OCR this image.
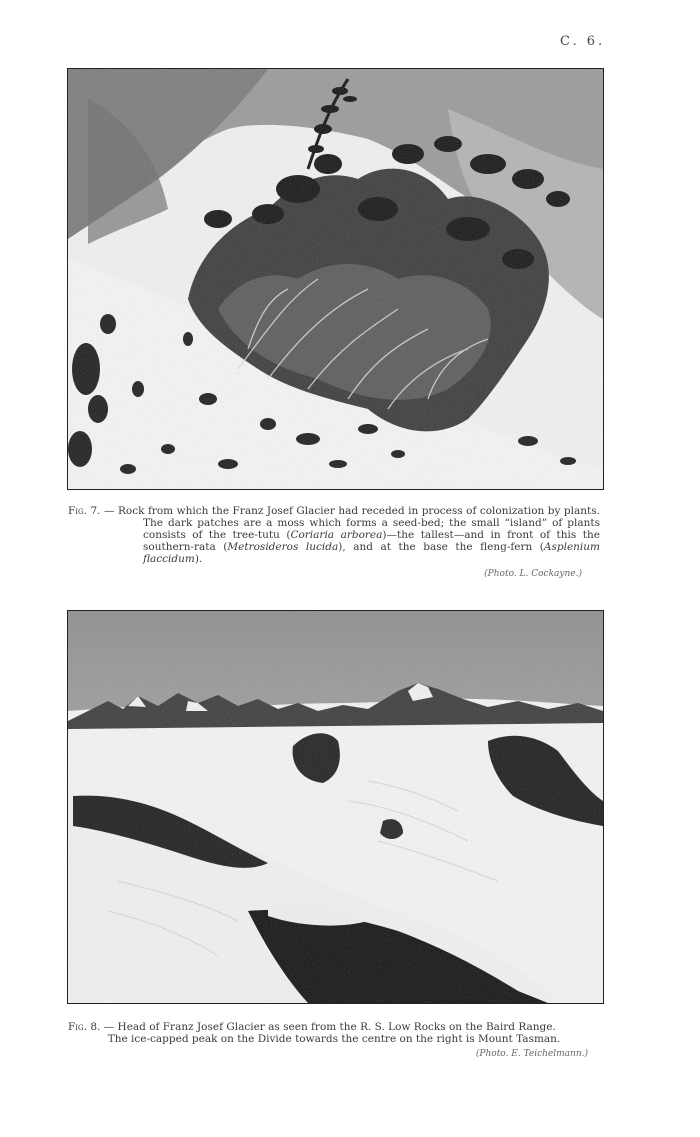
C. 6.
Fig. 7. — Rock from which the Franz Josef Glacier had receded in process of colonization by plants. The dark patches are a moss which forms a seed-bed; the small “island” of plants consists of the tree-tutu (Coriaria arborea)—the tallest—and in front of this the southern-rata (Metrosideros lucida), and at the base the fleng-fern (Asplenium flaccidum).
(Photo. L. Cockayne.)
Fig. 8. — Head of Franz Josef Glacier as seen from the R. S. Low Rocks on the Baird Range.
The ice-capped peak on the Divide towards the centre on the right is Mount Tasman.
(Photo. E. Teichelmann.)
